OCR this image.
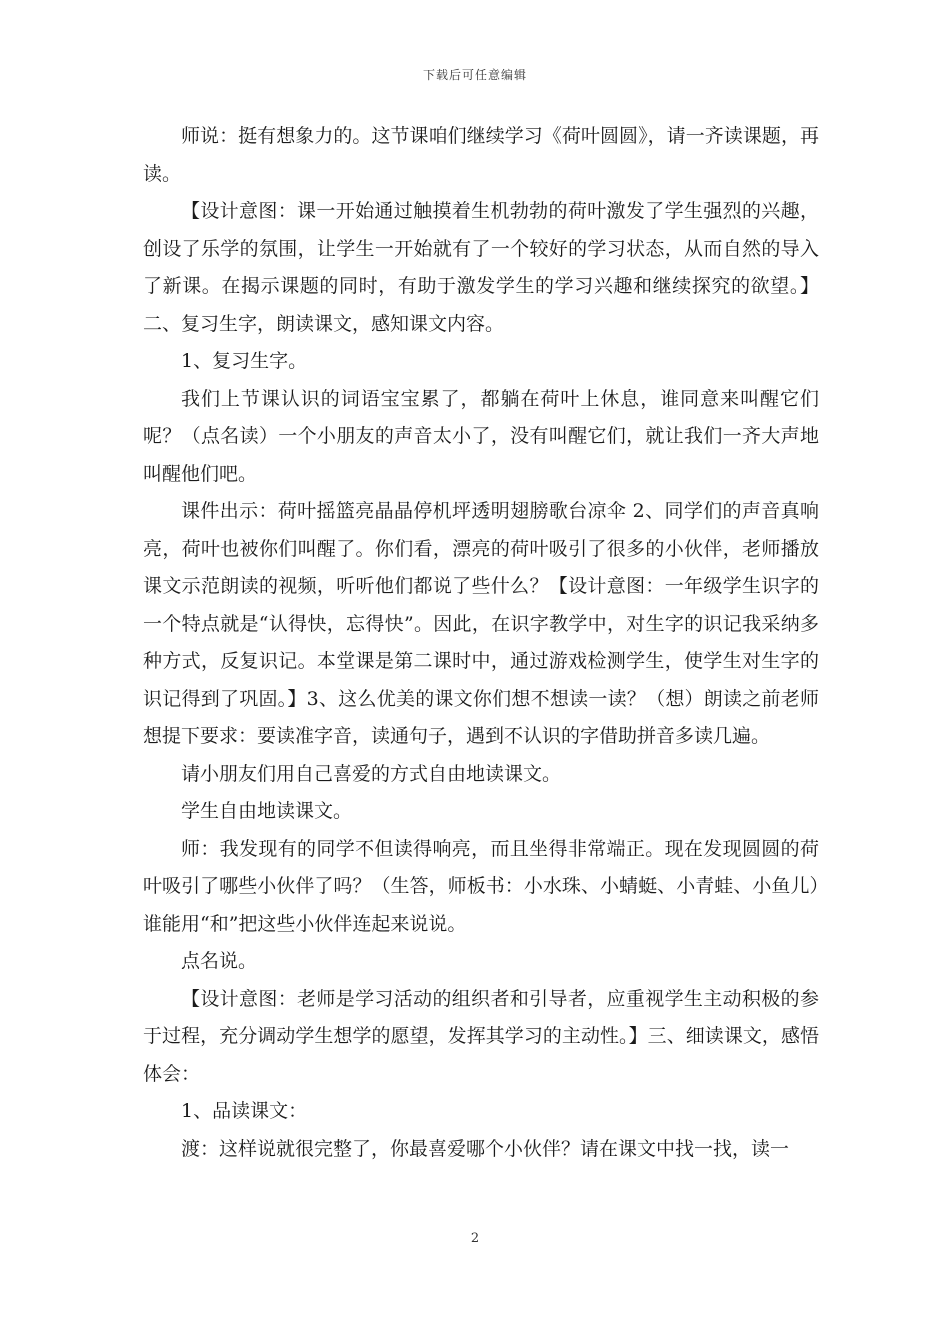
下载后可任意编辑

师说：挺有想象力的。这节课咱们继续学习《荷叶圆圆》，请一齐读课题，再读。

【设计意图：课一开始通过触摸着生机勃勃的荷叶激发了学生强烈的兴趣，创设了乐学的氛围，让学生一开始就有了一个较好的学习状态，从而自然的导入了新课。在揭示课题的同时，有助于激发学生的学习兴趣和继续探究的欲望。】二、复习生字，朗读课文，感知课文内容。

1、复习生字。

我们上节课认识的词语宝宝累了，都躺在荷叶上休息，谁同意来叫醒它们呢？（点名读）一个小朋友的声音太小了，没有叫醒它们，就让我们一齐大声地叫醒他们吧。

课件出示：荷叶摇篮亮晶晶停机坪透明翅膀歌台凉伞 2、同学们的声音真响亮，荷叶也被你们叫醒了。你们看，漂亮的荷叶吸引了很多的小伙伴，老师播放课文示范朗读的视频，听听他们都说了些什么？【设计意图：一年级学生识字的一个特点就是“认得快，忘得快”。因此，在识字教学中，对生字的识记我采纳多种方式，反复识记。本堂课是第二课时中，通过游戏检测学生，使学生对生字的识记得到了巩固。】3、这么优美的课文你们想不想读一读？（想）朗读之前老师想提下要求：要读准字音，读通句子，遇到不认识的字借助拼音多读几遍。

请小朋友们用自己喜爱的方式自由地读课文。

学生自由地读课文。

师：我发现有的同学不但读得响亮，而且坐得非常端正。现在发现圆圆的荷叶吸引了哪些小伙伴了吗？（生答，师板书：小水珠、小蜻蜓、小青蛙、小鱼儿）谁能用“和”把这些小伙伴连起来说说。

点名说。

【设计意图：老师是学习活动的组织者和引导者，应重视学生主动积极的参于过程，充分调动学生想学的愿望，发挥其学习的主动性。】三、细读课文，感悟体会：

1、品读课文：

渡：这样说就很完整了，你最喜爱哪个小伙伴？请在课文中找一找，读一

2
